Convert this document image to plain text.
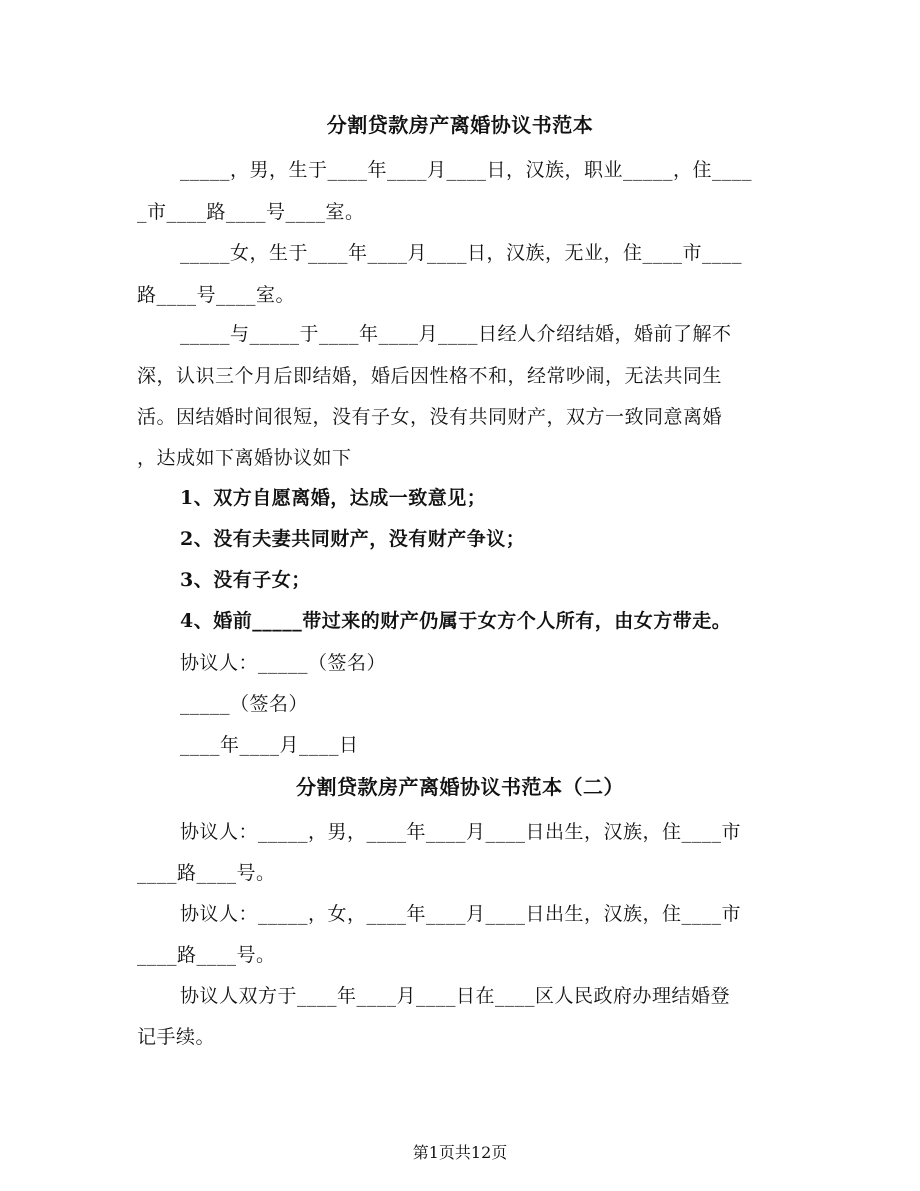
分割贷款房产离婚协议书范本
_____，男，生于____年____月____日，汉族，职业_____，住____
_市____路____号____室。
_____女，生于____年____月____日，汉族，无业，住____市____
路____号____室。
_____与_____于____年____月____日经人介绍结婚，婚前了解不
深，认识三个月后即结婚，婚后因性格不和，经常吵闹，无法共同生
活。因结婚时间很短，没有子女，没有共同财产，双方一致同意离婚
，达成如下离婚协议如下
1、双方自愿离婚，达成一致意见；
2、没有夫妻共同财产，没有财产争议；
3、没有子女；
4、婚前_____带过来的财产仍属于女方个人所有，由女方带走。
协议人：_____（签名）
_____（签名）
____年____月____日
分割贷款房产离婚协议书范本（二）
协议人：_____，男，____年____月____日出生，汉族，住____市
____路____号。
协议人：_____，女，____年____月____日出生，汉族，住____市
____路____号。
协议人双方于____年____月____日在____区人民政府办理结婚登
记手续。
第1页共12页
